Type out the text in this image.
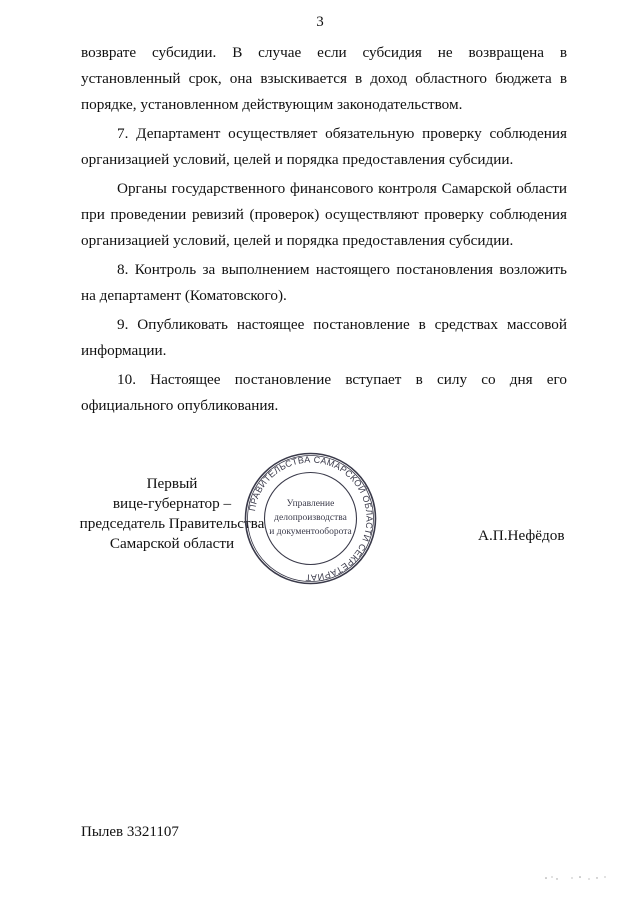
3

возврате субсидии. В случае если субсидия не возвращена в установленный срок, она взыскивается в доход областного бюджета в порядке, установленном действующим законодательством.

7. Департамент осуществляет обязательную проверку соблюдения организацией условий, целей и порядка предоставления субсидии.

Органы государственного финансового контроля Самарской области при проведении ревизий (проверок) осуществляют проверку соблюдения организацией условий, целей и порядка предоставления субсидии.

8. Контроль за выполнением настоящего постановления возложить на департамент (Коматовского).

9. Опубликовать настоящее постановление в средствах массовой информации.

10. Настоящее постановление вступает в силу со дня его официального опубликования.

Первый
вице-губернатор –
председатель Правительства
Самарской области
ПРАВИТЕЛЬСТВА САМАРСКОЙ ОБЛАСТИ СЕКРЕТАРИАТ
Управление
делопроизводства
и документооборота	А.П.Нефёдов
Пылев 3321107
